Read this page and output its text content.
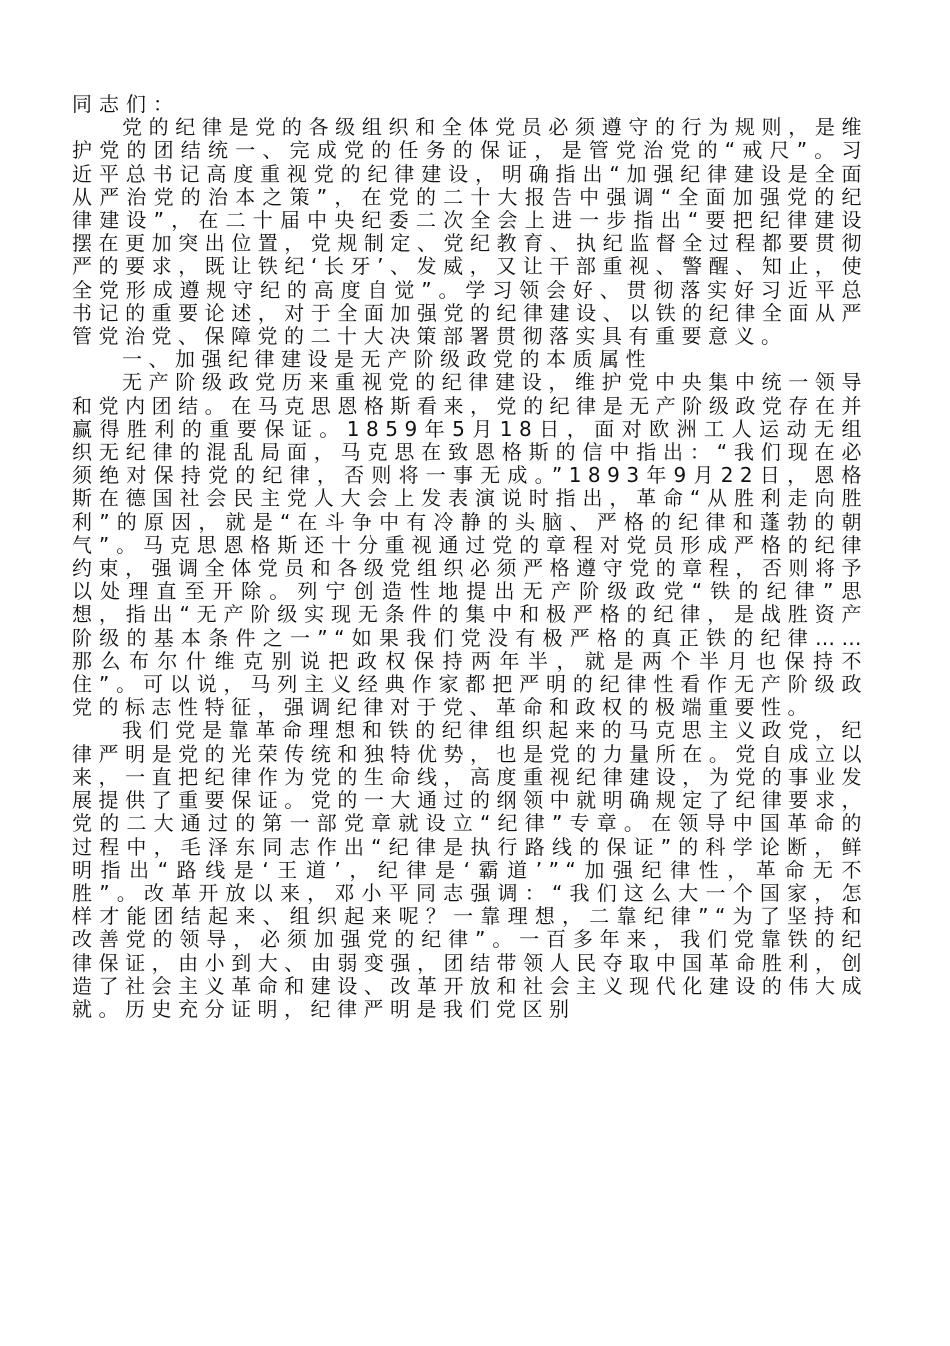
同志们：

党的纪律是党的各级组织和全体党员必须遵守的行为规则，是维护党的团结统一、完成党的任务的保证，是管党治党的“戒尺”。习近平总书记高度重视党的纪律建设，明确指出“加强纪律建设是全面从严治党的治本之策”，在党的二十大报告中强调“全面加强党的纪律建设”，在二十届中央纪委二次全会上进一步指出“要把纪律建设摆在更加突出位置，党规制定、党纪教育、执纪监督全过程都要贯彻严的要求，既让铁纪‘长牙’、发威，又让干部重视、警醒、知止，使全党形成遵规守纪的高度自觉”。学习领会好、贯彻落实好习近平总书记的重要论述，对于全面加强党的纪律建设、以铁的纪律全面从严管党治党、保障党的二十大决策部署贯彻落实具有重要意义。

一、加强纪律建设是无产阶级政党的本质属性

无产阶级政党历来重视党的纪律建设，维护党中央集中统一领导和党内团结。在马克思恩格斯看来，党的纪律是无产阶级政党存在并赢得胜利的重要保证。1859年5月18日，面对欧洲工人运动无组织无纪律的混乱局面，马克思在致恩格斯的信中指出：“我们现在必须绝对保持党的纪律，否则将一事无成。”1893年9月22日，恩格斯在德国社会民主党人大会上发表演说时指出，革命“从胜利走向胜利”的原因，就是“在斗争中有冷静的头脑、严格的纪律和蓬勃的朝气”。马克思恩格斯还十分重视通过党的章程对党员形成严格的纪律约束，强调全体党员和各级党组织必须严格遵守党的章程，否则将予以处理直至开除。列宁创造性地提出无产阶级政党“铁的纪律”思想，指出“无产阶级实现无条件的集中和极严格的纪律，是战胜资产阶级的基本条件之一”“如果我们党没有极严格的真正铁的纪律……那么布尔什维克别说把政权保持两年半，就是两个半月也保持不住”。可以说，马列主义经典作家都把严明的纪律性看作无产阶级政党的标志性特征，强调纪律对于党、革命和政权的极端重要性。

我们党是靠革命理想和铁的纪律组织起来的马克思主义政党，纪律严明是党的光荣传统和独特优势，也是党的力量所在。党自成立以来，一直把纪律作为党的生命线，高度重视纪律建设，为党的事业发展提供了重要保证。党的一大通过的纲领中就明确规定了纪律要求，党的二大通过的第一部党章就设立“纪律”专章。在领导中国革命的过程中，毛泽东同志作出“纪律是执行路线的保证”的科学论断，鲜明指出“路线是‘王道’，纪律是‘霸道’”“加强纪律性，革命无不胜”。改革开放以来，邓小平同志强调：“我们这么大一个国家，怎样才能团结起来、组织起来呢？一靠理想，二靠纪律”“为了坚持和改善党的领导，必须加强党的纪律”。一百多年来，我们党靠铁的纪律保证，由小到大、由弱变强，团结带领人民夺取中国革命胜利，创造了社会主义革命和建设、改革开放和社会主义现代化建设的伟大成就。历史充分证明，纪律严明是我们党区别
